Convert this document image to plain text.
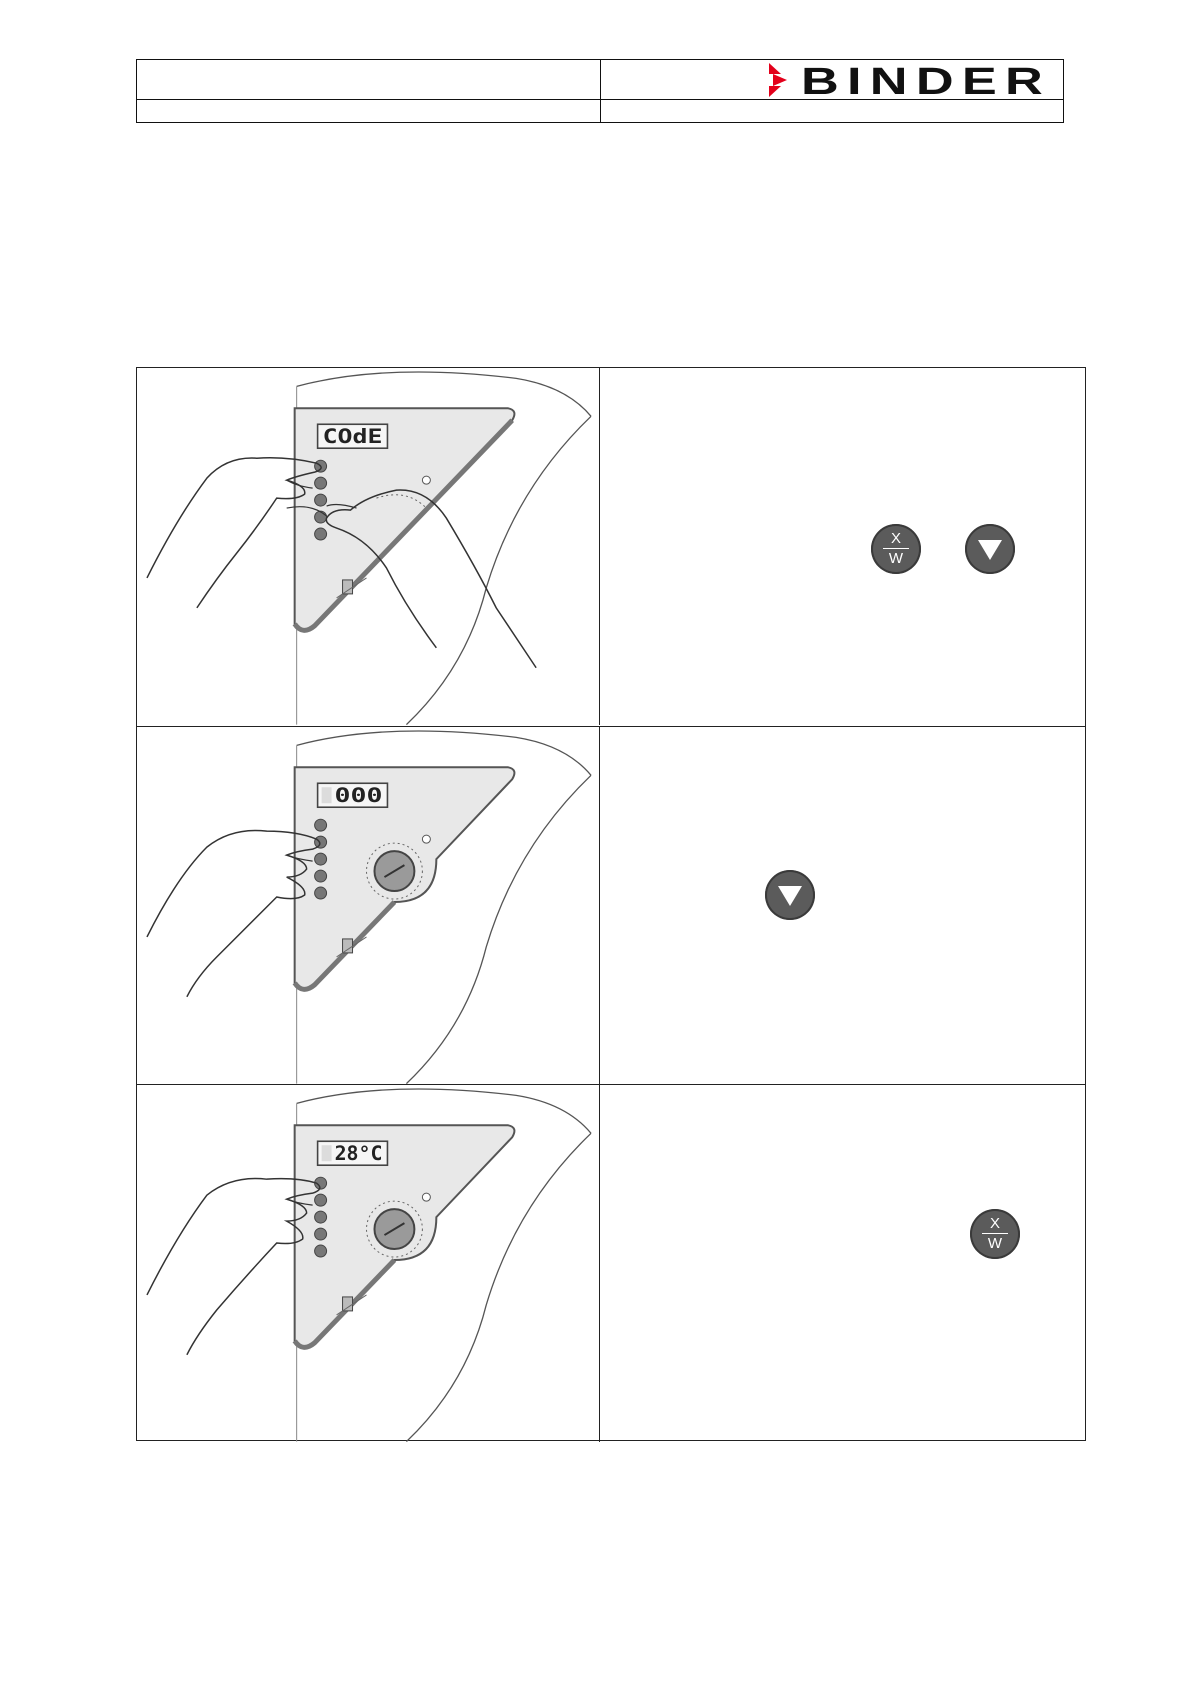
BINDER
COdE
X
W
000
28°C
X
W
